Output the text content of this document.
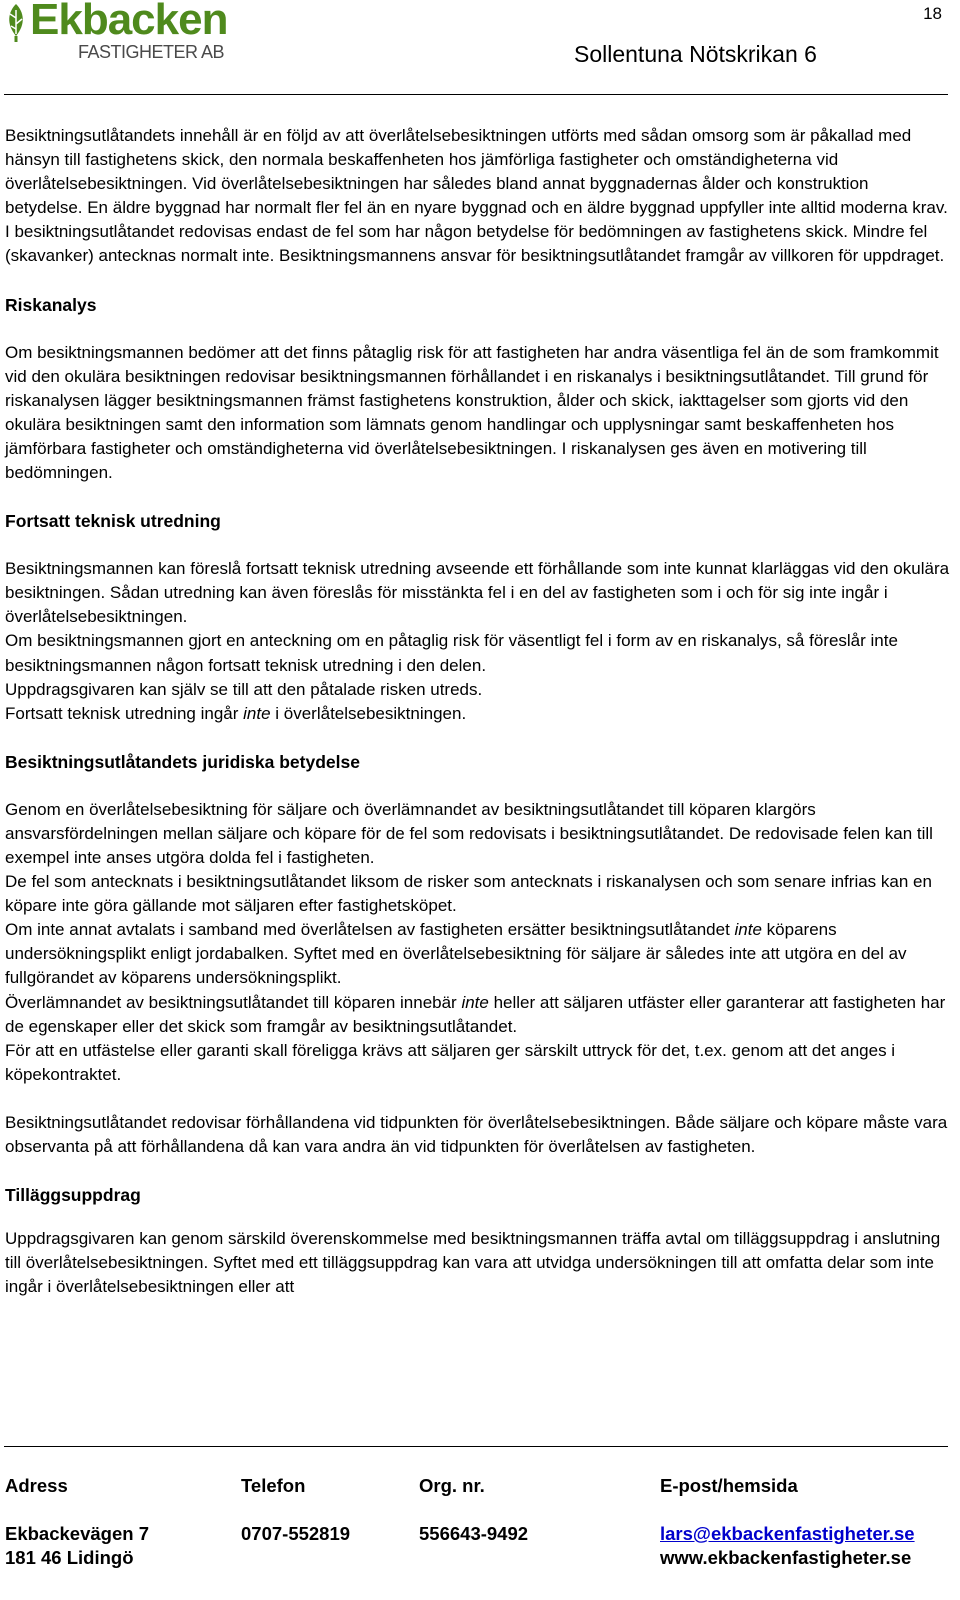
18
Ekbacken
FASTIGHETER AB	Sollentuna Nötskrikan 6

Besiktningsutlåtandets innehåll är en följd av att överlåtelsebesiktningen utförts med sådan omsorg som är påkallad med hänsyn till fastighetens skick, den normala beskaffenheten hos jämförliga fastigheter och omständigheterna vid överlåtelsebesiktningen. Vid överlåtelsebesiktningen har således bland annat byggnadernas ålder och konstruktion betydelse. En äldre byggnad har normalt fler fel än en nyare byggnad och en äldre byggnad uppfyller inte alltid moderna krav. I besiktningsutlåtandet redovisas endast de fel som har någon betydelse för bedömningen av fastighetens skick. Mindre fel (skavanker) antecknas normalt inte. Besiktningsmannens ansvar för besiktningsutlåtandet framgår av villkoren för uppdraget.

Riskanalys

Om besiktningsmannen bedömer att det finns påtaglig risk för att fastigheten har andra väsentliga fel än de som framkommit vid den okulära besiktningen redovisar besiktningsmannen förhållandet i en riskanalys i besiktningsutlåtandet. Till grund för riskanalysen lägger besiktningsmannen främst fastighetens konstruktion, ålder och skick, iakttagelser som gjorts vid den okulära besiktningen samt den information som lämnats genom handlingar och upplysningar samt beskaffenheten hos jämförbara fastigheter och omständigheterna vid överlåtelsebesiktningen. I riskanalysen ges även en motivering till bedömningen.

Fortsatt teknisk utredning

Besiktningsmannen kan föreslå fortsatt teknisk utredning avseende ett förhållande som inte kunnat klarläggas vid den okulära besiktningen. Sådan utredning kan även föreslås för misstänkta fel i en del av fastigheten som i och för sig inte ingår i överlåtelsebesiktningen.

Om besiktningsmannen gjort en anteckning om en påtaglig risk för väsentligt fel i form av en riskanalys, så föreslår inte besiktningsmannen någon fortsatt teknisk utredning i den delen.

Uppdragsgivaren kan själv se till att den påtalade risken utreds.

Fortsatt teknisk utredning ingår inte i överlåtelsebesiktningen.

Besiktningsutlåtandets juridiska betydelse

Genom en överlåtelsebesiktning för säljare och överlämnandet av besiktningsutlåtandet till köparen klargörs ansvarsfördelningen mellan säljare och köpare för de fel som redovisats i besiktningsutlåtandet. De redovisade felen kan till exempel inte anses utgöra dolda fel i fastigheten.

De fel som antecknats i besiktningsutlåtandet liksom de risker som antecknats i riskanalysen och som senare infrias kan en köpare inte göra gällande mot säljaren efter fastighetsköpet.

Om inte annat avtalats i samband med överlåtelsen av fastigheten ersätter besiktningsutlåtandet inte köparens undersökningsplikt enligt jordabalken. Syftet med en överlåtelsebesiktning för säljare är således inte att utgöra en del av fullgörandet av köparens undersökningsplikt.

Överlämnandet av besiktningsutlåtandet till köparen innebär inte heller att säljaren utfäster eller garanterar att fastigheten har de egenskaper eller det skick som framgår av besiktningsutlåtandet.

För att en utfästelse eller garanti skall föreligga krävs att säljaren ger särskilt uttryck för det, t.ex. genom att det anges i köpekontraktet.

Besiktningsutlåtandet redovisar förhållandena vid tidpunkten för överlåtelsebesiktningen. Både säljare och köpare måste vara observanta på att förhållandena då kan vara andra än vid tidpunkten för överlåtelsen av fastigheten.

Tilläggsuppdrag

Uppdragsgivaren kan genom särskild överenskommelse med besiktningsmannen träffa avtal om tilläggsuppdrag i anslutning till överlåtelsebesiktningen. Syftet med ett tilläggsuppdrag kan vara att utvidga undersökningen till att omfatta delar som inte ingår i överlåtelsebesiktningen eller att

Adress
Ekbackevägen 7
181 46 Lidingö
Telefon
0707-552819
Org. nr.
556643-9492
E-post/hemsida
lars@ekbackenfastigheter.se
www.ekbackenfastigheter.se
